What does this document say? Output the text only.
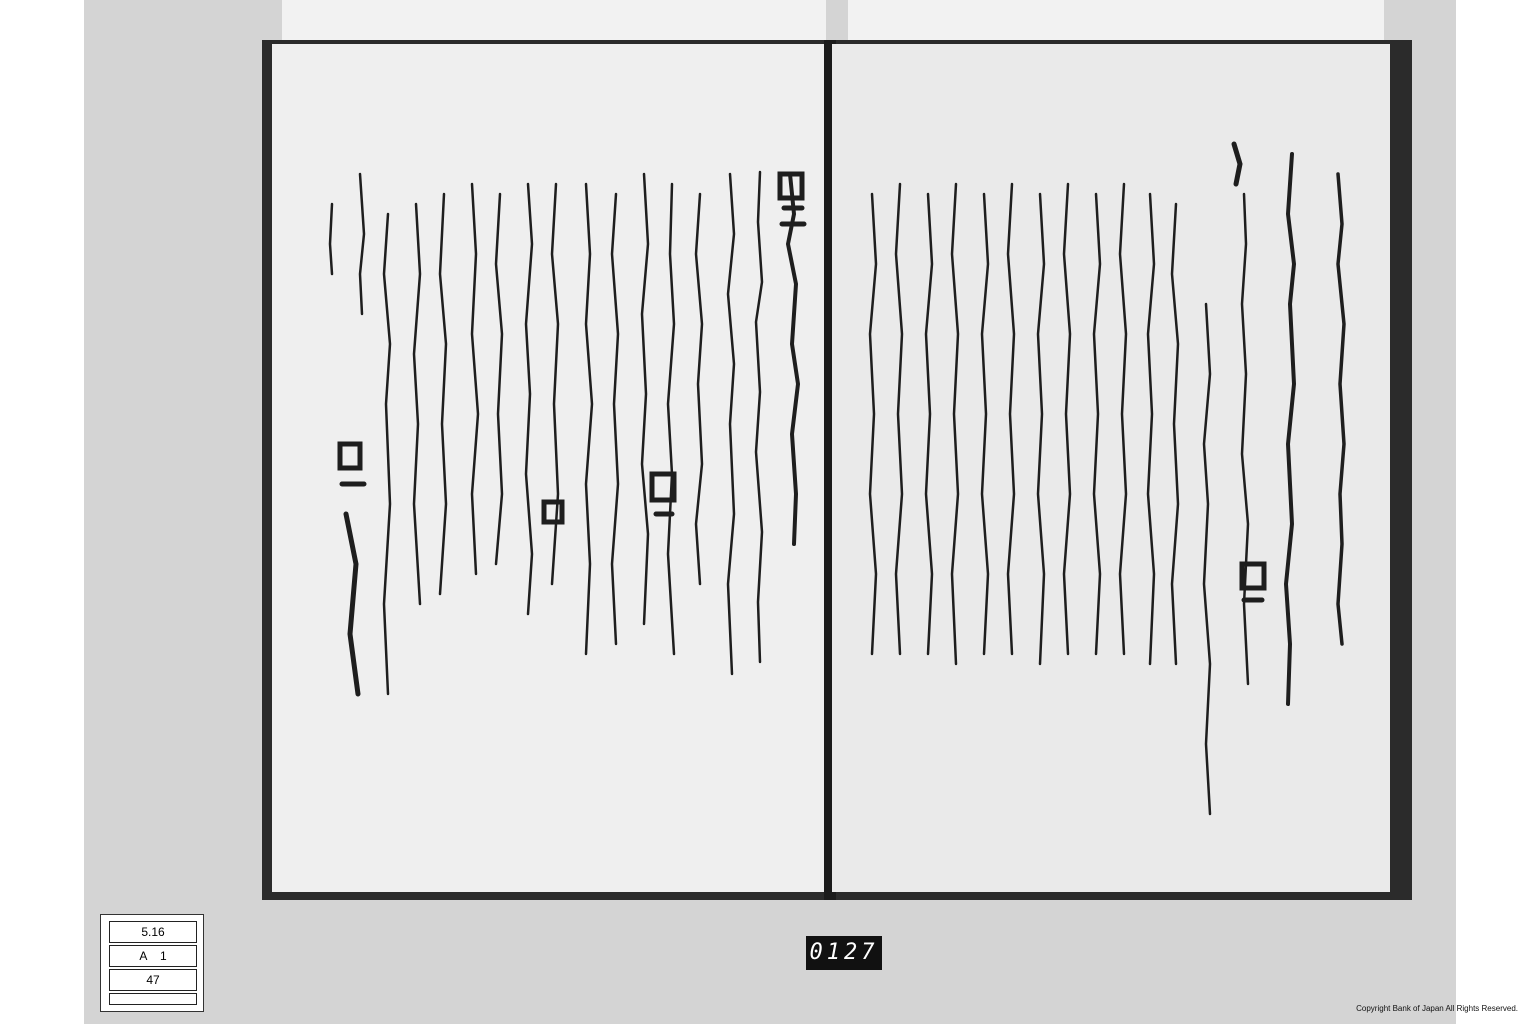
5.16
A    1
47
0127
Copyright Bank of Japan All Rights Reserved.
